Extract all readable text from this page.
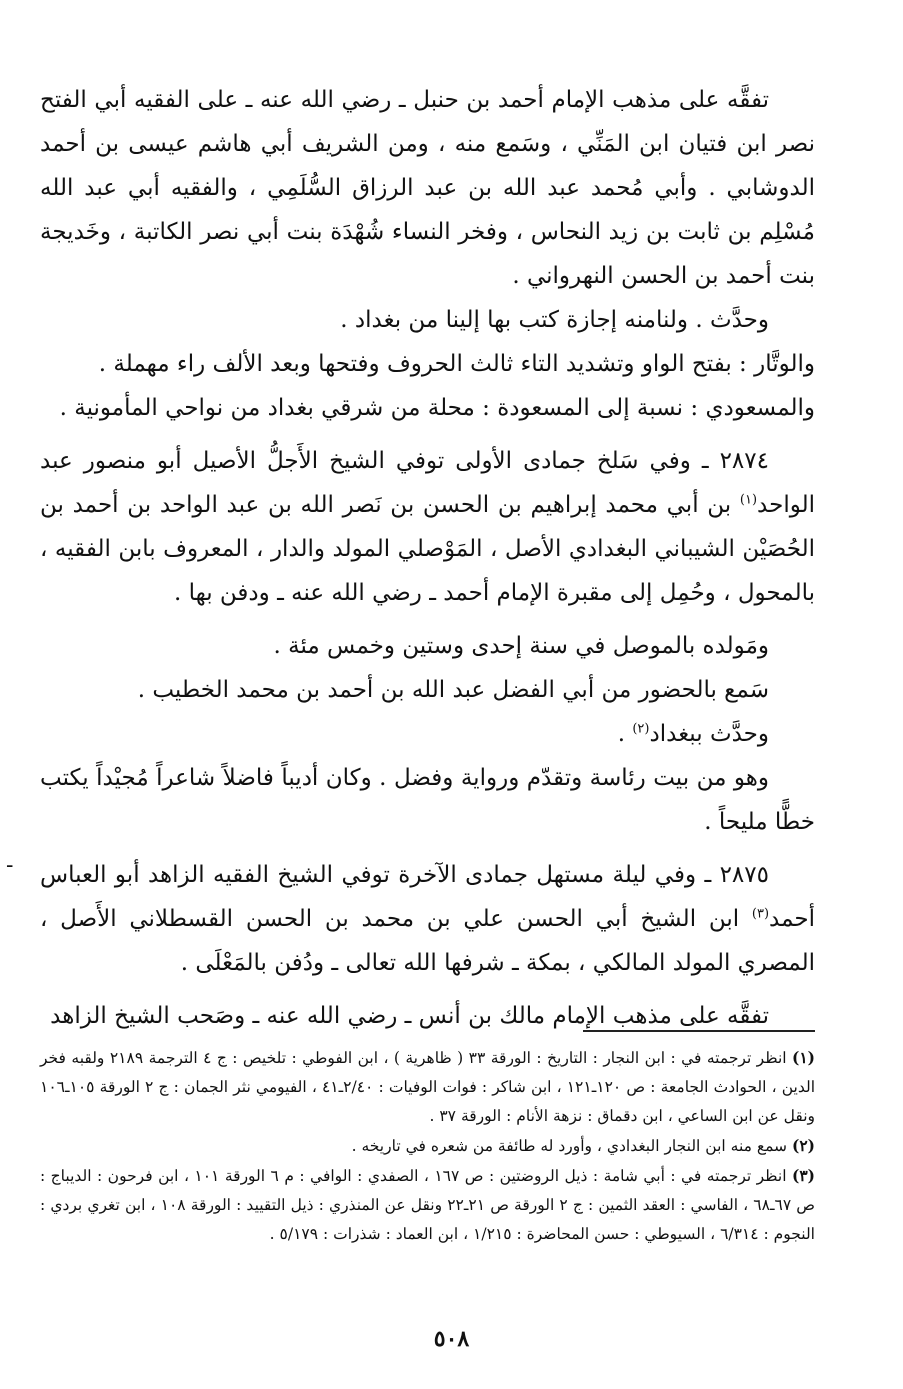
تفقَّه على مذهب الإمام أحمد بن حنبل ـ رضي الله عنه ـ على الفقيه أبي الفتح نصر ابن فتيان ابن المَنِّي ، وسَمع منه ، ومن الشريف أبي هاشم عيسى بن أحمد الدوشابي . وأبي مُحمد عبد الله بن عبد الرزاق السُّلَمِي ، والفقيه أبي عبد الله مُسْلِم بن ثابت بن زيد النحاس ، وفخر النساء شُهْدَة بنت أبي نصر الكاتبة ، وخَديجة بنت أحمد بن الحسن النهرواني .

وحدَّث . ولنامنه إجازة كتب بها إلينا من بغداد .

والوتَّار : بفتح الواو وتشديد التاء ثالث الحروف وفتحها وبعد الألف راء مهملة .

والمسعودي : نسبة إلى المسعودة : محلة من شرقي بغداد من نواحي المأمونية .

٢٨٧٤ ـ وفي سَلخ جمادى الأولى توفي الشيخ الأَجلُّ الأصيل أبو منصور عبد الواحد$^{(١)}$ بن أبي محمد إبراهيم بن الحسن بن نَصر الله بن عبد الواحد بن أحمد بن الحُصَيْن الشيباني البغدادي الأصل ، المَوْصلي المولد والدار ، المعروف بابن الفقيه ، بالمحول ، وحُمِل إلى مقبرة الإمام أحمد ـ رضي الله عنه ـ ودفن بها .

ومَولده بالموصل في سنة إحدى وستين وخمس مئة .

سَمع بالحضور من أبي الفضل عبد الله بن أحمد بن محمد الخطيب .

وحدَّث ببغداد$^{(٢)}$ .

وهو من بيت رئاسة وتقدّم ورواية وفضل . وكان أديباً فاضلاً شاعراً مُجيْداً يكتب خطًّا مليحاً .

٢٨٧٥ ـ وفي ليلة مستهل جمادى الآخرة توفي الشيخ الفقيه الزاهد أبو العباس أحمد$^{(٣)}$ ابن الشيخ أبي الحسن علي بن محمد بن الحسن القسطلاني الأَصل ، المصري المولد المالكي ، بمكة ـ شرفها الله تعالى ـ ودُفن بالمَعْلَى .

تفقَّه على مذهب الإمام مالك بن أنس ـ رضي الله عنه ـ وصَحب الشيخ الزاهد

-

(١) انظر ترجمته في : ابن النجار : التاريخ : الورقة ٣٣ ( ظاهرية ) ، ابن الفوطي : تلخيص : ج ٤ الترجمة ٢١٨٩ ولقبه فخر الدين ، الحوادث الجامعة : ص ١٢٠ـ١٢١ ، ابن شاكر : فوات الوفيات : ٢/٤٠ـ٤١ ، الفيومي نثر الجمان : ج ٢ الورقة ١٠٥ـ١٠٦ ونقل عن ابن الساعي ، ابن دقماق : نزهة الأنام : الورقة ٣٧ .

(٢) سمع منه ابن النجار البغدادي ، وأورد له طائفة من شعره في تاريخه .

(٣) انظر ترجمته في : أبي شامة : ذيل الروضتين : ص ١٦٧ ، الصفدي : الوافي : م ٦ الورقة ١٠١ ، ابن فرحون : الديباج : ص ٦٧ـ٦٨ ، الفاسي : العقد الثمين : ج ٢ الورقة ص ٢١ـ٢٢ ونقل عن المنذري : ذيل التقييد : الورقة ١٠٨ ، ابن تغري بردي : النجوم : ٦/٣١٤ ، السيوطي : حسن المحاضرة : ١/٢١٥ ، ابن العماد : شذرات : ٥/١٧٩ .

٥٠٨
